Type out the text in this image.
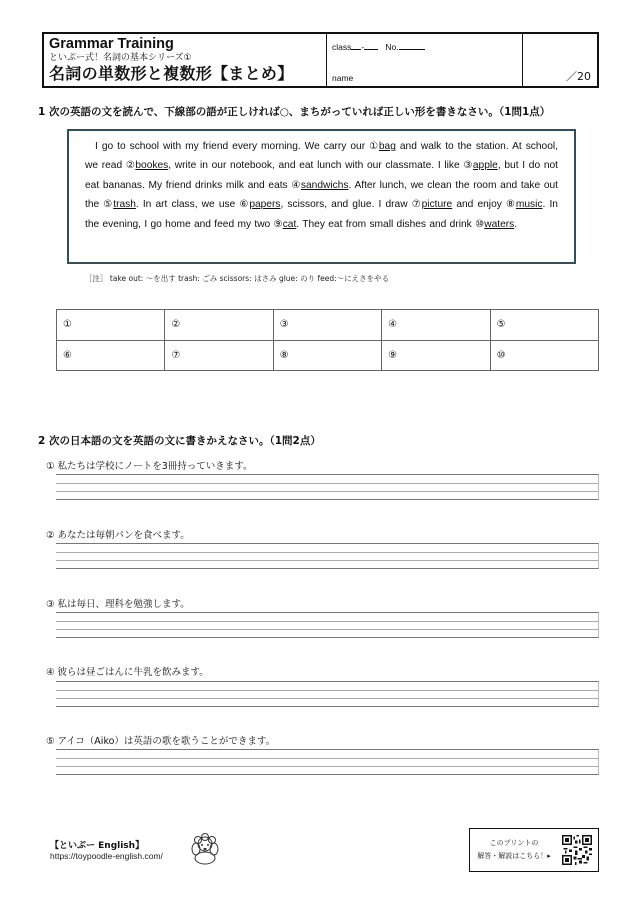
Grammar Training
といぷー式！名詞の基本シリーズ①
名詞の単数形と複数形【まとめ】
class - No.
name	／20
1 次の英語の文を読んで、下線部の語が正しければ○、まちがっていれば正しい形を書きなさい。（1問1点）

I go to school with my friend every morning. We carry our ①bag and walk to the station. At school, we read ②bookes, write in our notebook, and eat lunch with our classmate. I like ③apple, but I do not eat bananas. My friend drinks milk and eats ④sandwichs. After lunch, we clean the room and take out the ⑤trash. In art class, we use ⑥papers, scissors, and glue. I draw ⑦picture and enjoy ⑧music. In the evening, I go home and feed my two ⑨cat. They eat from small dishes and drink ⑩waters.

［注］ take out: ～を出す trash: ごみ scissors: はさみ glue: のり feed:～にえさをやる
①	②	③	④	⑤
⑥	⑦	⑧	⑨	⑩
2 次の日本語の文を英語の文に書きかえなさい。（1問2点）
① 私たちは学校にノートを3冊持っていきます。
② あなたは毎朝パンを食べます。
③ 私は毎日、理科を勉強します。
④ 彼らは昼ごはんに牛乳を飲みます。
⑤ アイコ（Aiko）は英語の歌を歌うことができます。
【といぷー English】
https://toypoodle-english.com/
このプリントの
解答・解説はこちら！▸
